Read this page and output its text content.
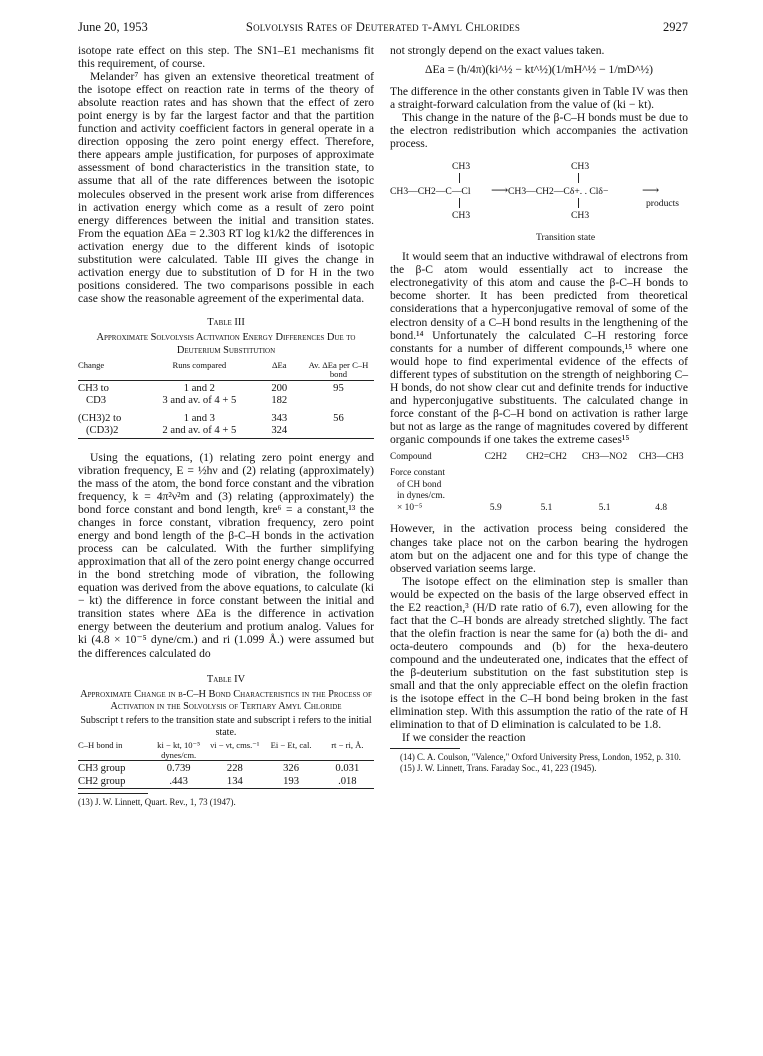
June 20, 1953	Solvolysis Rates of Deuterated t-Amyl Chlorides	2927

isotope rate effect on this step. The SN1–E1 mechanisms fit this requirement, of course.

Melander⁷ has given an extensive theoretical treatment of the isotope effect on reaction rate in terms of the theory of absolute reaction rates and has shown that the effect of zero point energy is by far the largest factor and that the partition function and activity coefficient factors in general operate in a direction opposing the zero point energy effect. Therefore, there appears ample justification, for purposes of approximate assessment of bond characteristics in the transition state, to assume that all of the rate differences between the isotopic molecules observed in the present work arise from differences in activation energy which come as a result of zero point energy differences between the initial and transition states. From the equation ΔEa = 2.303 RT log k1/k2 the differences in activation energy due to the different kinds of isotopic substitution were calculated. Table III gives the change in activation energy due to substitution of D for H in the two positions considered. The two comparisons possible in each case show the reasonable agreement of the experimental data.

Table III

Approximate Solvolysis Activation Energy Differences Due to Deuterium Substitution

Change	Runs compared	ΔEa	Av. ΔEa per C–H bond
CH3 to	1 and 2	200	95
CD3	3 and av. of 4 + 5	182	
(CH3)2 to	1 and 3	343	56
(CD3)2	2 and av. of 4 + 5	324	

Using the equations, (1) relating zero point energy and vibration frequency, E = ½hν and (2) relating (approximately) the mass of the atom, the bond force constant and the vibration frequency, k = 4π²ν²m and (3) relating (approximately) the bond force constant and bond length, kre⁶ = a constant,¹³ the changes in force constant, vibration frequency, zero point energy and bond length of the β-C–H bonds in the activation process can be calculated. With the further simplifying approximation that all of the zero point energy change occurred in the bond stretching mode of vibration, the following equation was derived from the above equations, to calculate (ki − kt) the difference in force constant between the initial and transition states where ΔEa is the difference in activation energy between the deuterium and protium analog. Values for ki (4.8 × 10⁻⁵ dyne/cm.) and ri (1.099 Å.) were assumed but the differences calculated do

Table IV

Approximate Change in β-C–H Bond Characteristics in the Process of Activation in the Solvolysis of Tertiary Amyl Chloride

Subscript t refers to the transition state and subscript i refers to the initial state.

C–H bond in	ki − kt, 10⁻⁵ dynes/cm.	νi − νt, cms.⁻¹	Ei − Et, cal.	rt − ri, Å.
CH3 group	0.739	228	326	0.031
CH2 group	.443	134	193	.018

(13) J. W. Linnett, Quart. Rev., 1, 73 (1947).

not strongly depend on the exact values taken.

ΔEa = (h/4π)(ki^½ − kt^½)(1/mH^½ − 1/mD^½)

The difference in the other constants given in Table IV was then a straight-forward calculation from the value of (ki − kt).

This change in the nature of the β-C–H bonds must be due to the electron redistribution which accompanies the activation process.

CH3
CH3—CH2—C—Cl
CH3
⟶
CH3
CH3—CH2—Cδ+. . Clδ−
CH3
⟶
products
Transition state

It would seem that an inductive withdrawal of electrons from the β-C atom would essentially act to increase the electronegativity of this atom and cause the β-C–H bonds to become shorter. It has been predicted from theoretical considerations that a hyperconjugative removal of some of the electron density of a C–H bond results in the lengthening of the bond.¹⁴ Unfortunately the calculated C–H restoring force constants for a number of different compounds,¹⁵ where one would hope to find experimental evidence of the effects of different types of substitution on the strength of neighboring C–H bonds, do not show clear cut and definite trends for inductive and hyperconjugative substituents. The calculated change in force constant of the β-C–H bond on activation is rather large but not as large as the range of magnitudes covered by different organic compounds if one takes the extreme cases¹⁵

Compound	C2H2	CH2=CH2	CH3—NO2	CH3—CH3
Force constant				
of CH bond				
in dynes/cm.				
× 10⁻⁵	5.9	5.1	5.1	4.8

However, in the activation process being considered the changes take place not on the carbon bearing the hydrogen atom but on the adjacent one and for this type of change the observed variation seems large.

The isotope effect on the elimination step is smaller than would be expected on the basis of the large observed effect in the E2 reaction,³ (H/D rate ratio of 6.7), even allowing for the fact that the C–H bonds are already stretched slightly. The fact that the olefin fraction is near the same for (a) both the di- and octa-deutero compounds and (b) for the hexa-deutero compound and the undeuterated one, indicates that the effect of the β-deuterium substitution on the fast substitution step is small and that the only appreciable effect on the olefin fraction is the isotope effect in the C–H bond being broken in the fast elimination step. With this assumption the ratio of the rate of H elimination to that of D elimination is calculated to be 1.8.

If we consider the reaction

(14) C. A. Coulson, "Valence," Oxford University Press, London, 1952, p. 310.

(15) J. W. Linnett, Trans. Faraday Soc., 41, 223 (1945).
